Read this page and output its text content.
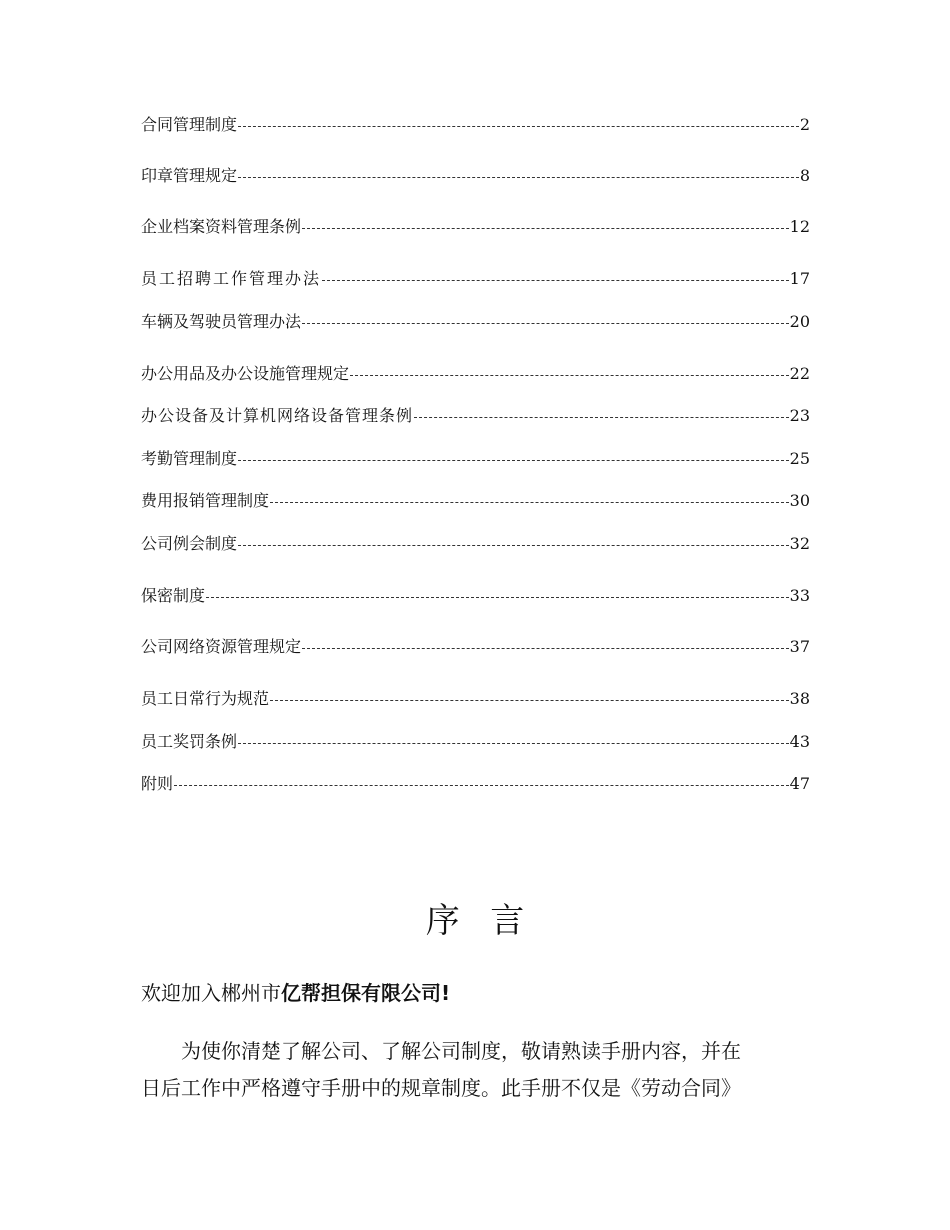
合同管理制度	2
印章管理规定	8
企业档案资料管理条例	12
员工招聘工作管理办法	17
车辆及驾驶员管理办法	20
办公用品及办公设施管理规定	22
办公设备及计算机网络设备管理条例	23
考勤管理制度	25
费用报销管理制度	30
公司例会制度	32
保密制度	33
公司网络资源管理规定	37
员工日常行为规范	38
员工奖罚条例	43
附则	47
序言
欢迎加入郴州市亿帮担保有限公司!
为使你清楚了解公司、了解公司制度，敬请熟读手册内容，并在
日后工作中严格遵守手册中的规章制度。此手册不仅是《劳动合同》
